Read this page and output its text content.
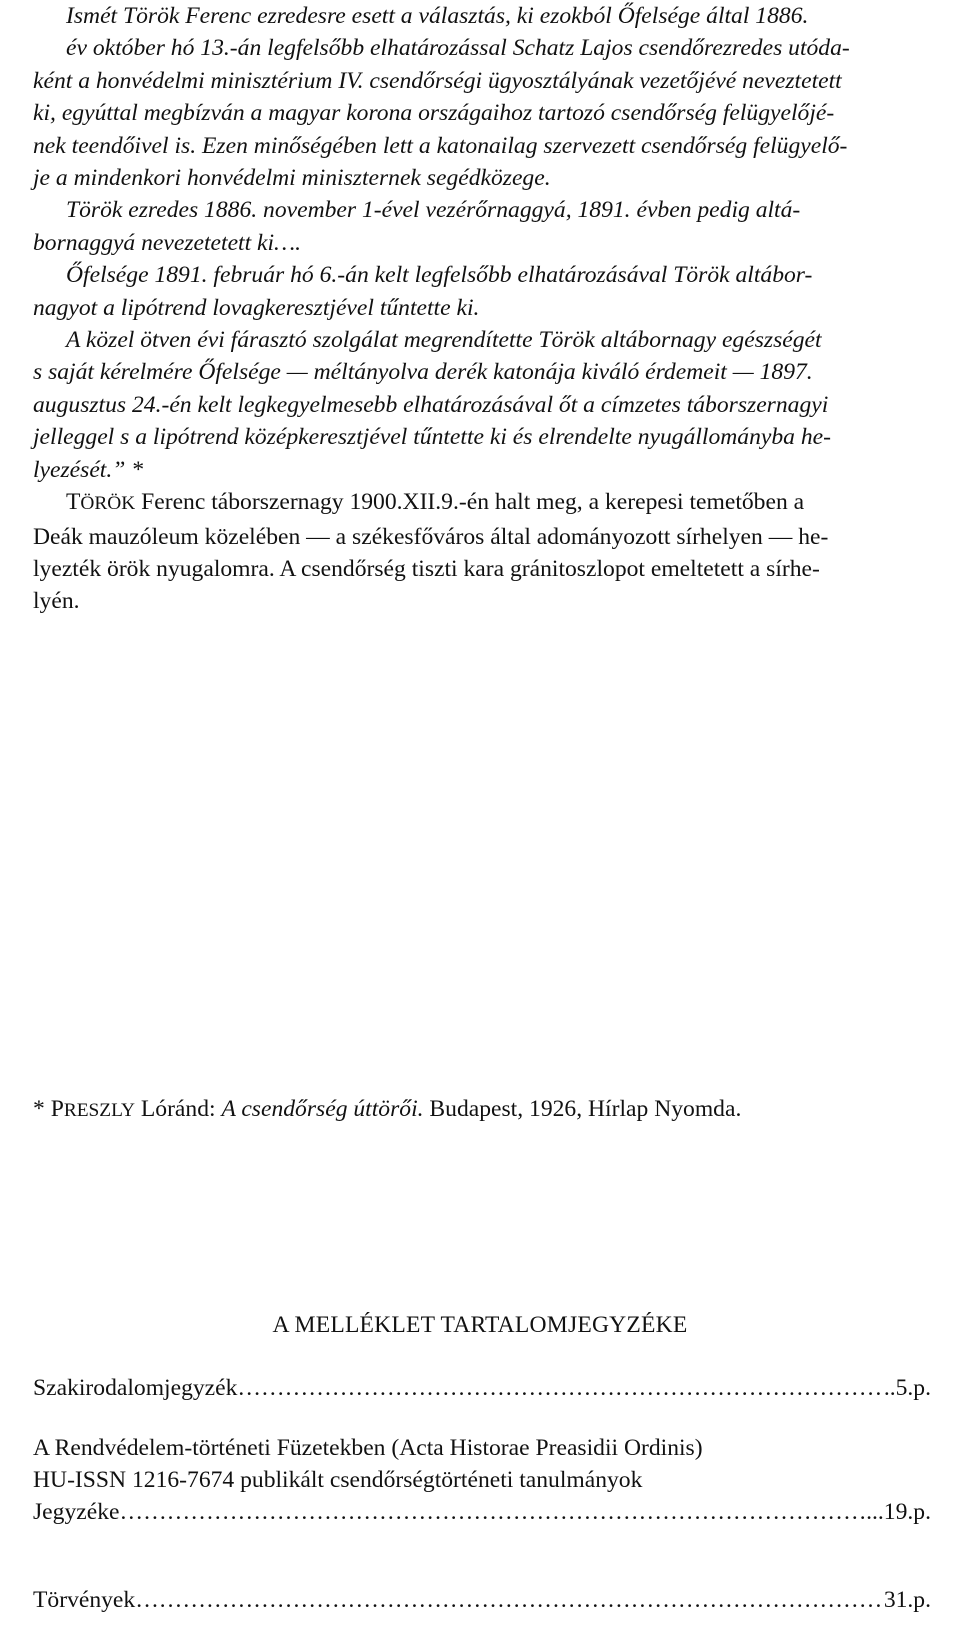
Ismét Török Ferenc ezredesre esett a választás, ki ezokból Őfelsége által 1886.
év október hó 13.-án legfelsőbb elhatározással Schatz Lajos csendőrezredes utóda-
ként a honvédelmi minisztérium IV. csendőrségi ügyosztályának vezetőjévé neveztetett
ki, egyúttal megbízván a magyar korona országaihoz tartozó csendőrség felügyelőjé-
nek teendőivel is. Ezen minőségében lett a katonailag szervezett csendőrség felügyelő-
je a mindenkori honvédelmi miniszternek segédközege.

Török ezredes 1886. november 1-ével vezérőrnaggyá, 1891. évben pedig altá-
bornaggyá nevezetetett ki….

Őfelsége 1891. február hó 6.-án kelt legfelsőbb elhatározásával Török altábor-
nagyot a lipótrend lovagkeresztjével tűntette ki.

A közel ötven évi fárasztó szolgálat megrendítette Török altábornagy egészségét
s saját kérelmére Őfelsége — méltányolva derék katonája kiváló érdemeit — 1897.
augusztus 24.-én kelt legkegyelmesebb elhatározásával őt a címzetes táborszernagyi
jelleggel s a lipótrend középkeresztjével tűntette ki és elrendelte nyugállományba he-
lyezését.” *

TÖRÖK Ferenc táborszernagy 1900.XII.9.-én halt meg, a kerepesi temetőben a
Deák mauzóleum közelében — a székesfőváros által adományozott sírhelyen — he-
lyezték örök nyugalomra. A csendőrség tiszti kara gránitoszlopot emeltetett a sírhe-
lyén.

* PRESZLY Lóránd: A csendőrség úttörői. Budapest, 1926, Hírlap Nyomda.
A MELLÉKLET TARTALOMJEGYZÉKE
Szakirodalomjegyzék …………………………………………………………………………………………………………………………………………	..5.p.
A Rendvédelem-történeti Füzetekben (Acta Historae Preasidii Ordinis)
HU-ISSN 1216-7674 publikált csendőrségtörténeti tanulmányok
Jegyzéke …………………………………………………………………………………………………………………………………………	...19.p.
Törvények …………………………………………………………………………………………………………………………………………	31.p.
